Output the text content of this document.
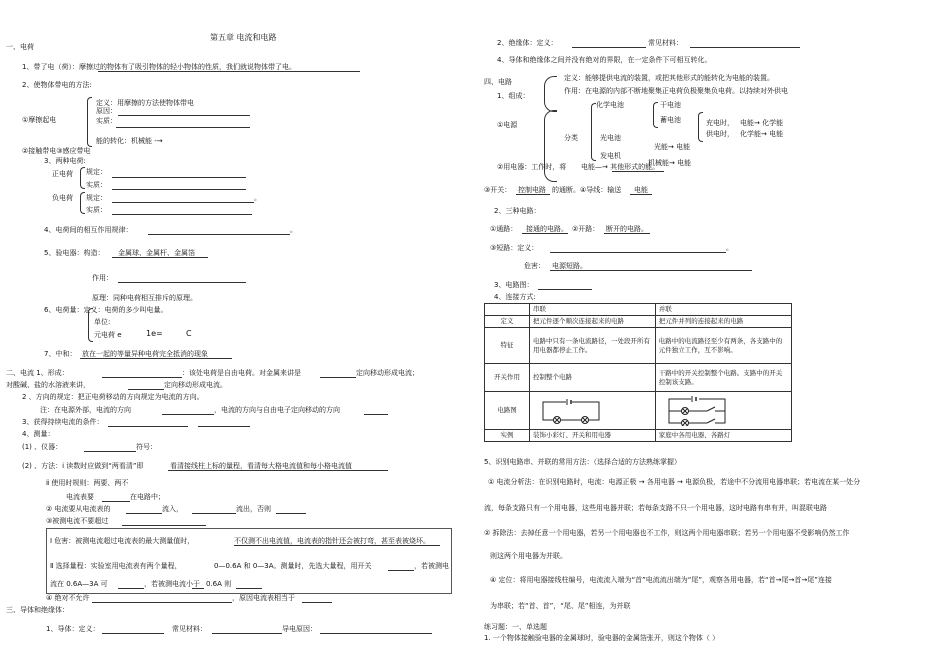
第五章 电流和电路
一、电荷
1、带了电（荷）：摩擦过的物体有了吸引物体的轻小物体的性质，我们就说物体带了电。
2、使物体带电的方法:
①摩擦起电
定义：用摩擦的方法使物体带电
原因：
实质：
能的转化：机械能 -→
②接触带电③感应带电
3、两种电荷:
正电荷 规定：
实质：
负电荷 规定：	。
实质：
4、电荷间的相互作用规律：	。
5、验电器：构造： 金属球、金属杆、金属箔
作用：
原理：同种电荷相互排斥的原理。
6、电荷量：定义：电荷的多少叫电量。
单位:
元电荷 e	1e=	C
7、中和： 放在一起的等量异种电荷完全抵消的现象
二、电流 1、形成：	：该处电荷是自由电荷。对金属来讲是	定向移动形成电流；
对酸碱、盐的水溶液来讲，	定向移动形成电流。
2 、方向的规定：把正电荷移动的方向规定为电流的方向。
注：在电源外部，电流的方向	，电流的方向与自由电子定向移动的方向
3、获得持续电流的条件：
4、测量：
(1) 、仪器：	符号：
(2) 、方法：i 读数时应做到“两看清”即	看清接线柱上标的量程，看清每大格电流值和每小格电流值
ⅱ 使用时规则：两要、两不
电流表要	在电路中；
② 电流要从电流表的	流入，	流出，否则
③被测电流不要超过
Ⅰ 危害：被测电流超过电流表的最大测量值时，	不仅测不出电流值，电流表的指针还会被打弯，甚至表被烧坏。
Ⅱ 选择量程：实验室用电流表有两个量程，	0—0.6A 和 0—3A。测量时，先选大量程，用开关	，若被测电
流在 0.6A—3A 可	，若被测电流小于 0.6A 则
④ 绝对不允许	，原因电流表相当于
三、导体和绝缘体：
1、导体：定义：	常见材料：	导电原因：
2、绝缘体：定义：	常见材料：
4、导体和绝缘体之间并没有绝对的界限，在一定条件下可相互转化。
四、电路
1、组成：
①电源
定义：能够提供电流的装置，或把其他形式的能转化为电能的装置。
作用：在电源的内部不断地聚集正电荷负极聚集负电荷。以持续对外供电
分类
化学电池	干电池
蓄电池	充电时， 电能→ 化学能
供电时， 化学能→ 电能
光电池
光能→ 电能
发电机
机械能→ 电能
②用电器：工作时，将 电能—→ 其他形式的能。
③开关： 控制电路 的通断。④导线：输送 电能
2、三种电路：
①通路： 接通的电路。 ②开路： 断开的电路。
③短路：定义：	。
危害： 电源短路。
3、电路图：
4、连接方式:
	串联	并联
定义	把元件逐个顺次连接起来的电路	把元件并列的连接起来的电路
特征	电路中只有一条电流路径，一处段开所有用电器都停止工作。	电路中的电流路径至少有两条，各支路中的元件独立工作，互不影响。
开关作用	控制整个电路	干路中的开关控制整个电路。支路中的开关控制该支路。
电路图	

实例	装饰小彩灯、开关和用电器	家庭中各用电器、各路灯
5、识别电路串、并联的常用方法：（选择合适的方法熟练掌握）
① 电流分析法：在识别电路时，电流：电源正极 → 各用电器 → 电源负极，若途中不分流用电器串联；若电流在某一处分
流，每条支路只有一个用电器，这些用电器并联；若每条支路不只一个用电器，这时电路有串有并，叫混联电路
② 拆除法：去掉任意一个用电器，若另一个用电器也不工作，则这两个用电器串联；若另一个用电器不受影响仍然工作
则这两个用电器为并联。
④ 定位：将用电器接线柱编号，电流流入端为“首”电流流出端为“尾”，观察各用电器，若“首→尾→首→尾”连接
为串联；若“首、首”，“尾、尾”相连，为并联
练习题：一、单选题
1. 一个物体接触验电器的金属球时，验电器的金属箔张开，则这个物体（ ）
